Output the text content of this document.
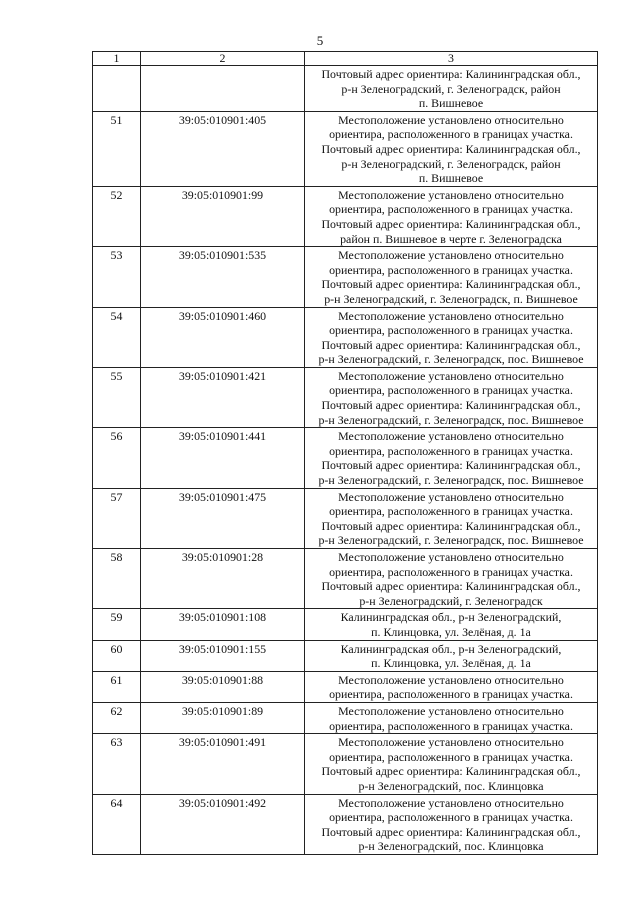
5
1	2	3

		Почтовый адрес ориентира: Калининградская обл.,
р-н Зеленоградский, г. Зеленоградск, район
п. Вишневое

51	39:05:010901:405	Местоположение установлено относительно
ориентира, расположенного в границах участка.
Почтовый адрес ориентира: Калининградская обл.,
р-н Зеленоградский, г. Зеленоградск, район
п. Вишневое

52	39:05:010901:99	Местоположение установлено относительно
ориентира, расположенного в границах участка.
Почтовый адрес ориентира: Калининградская обл.,
район п. Вишневое в черте г. Зеленоградска

53	39:05:010901:535	Местоположение установлено относительно
ориентира, расположенного в границах участка.
Почтовый адрес ориентира: Калининградская обл.,
р-н Зеленоградский, г. Зеленоградск, п. Вишневое

54	39:05:010901:460	Местоположение установлено относительно
ориентира, расположенного в границах участка.
Почтовый адрес ориентира: Калининградская обл.,
р-н Зеленоградский, г. Зеленоградск, пос. Вишневое

55	39:05:010901:421	Местоположение установлено относительно
ориентира, расположенного в границах участка.
Почтовый адрес ориентира: Калининградская обл.,
р-н Зеленоградский, г. Зеленоградск, пос. Вишневое

56	39:05:010901:441	Местоположение установлено относительно
ориентира, расположенного в границах участка.
Почтовый адрес ориентира: Калининградская обл.,
р-н Зеленоградский, г. Зеленоградск, пос. Вишневое

57	39:05:010901:475	Местоположение установлено относительно
ориентира, расположенного в границах участка.
Почтовый адрес ориентира: Калининградская обл.,
р-н Зеленоградский, г. Зеленоградск, пос. Вишневое

58	39:05:010901:28	Местоположение установлено относительно
ориентира, расположенного в границах участка.
Почтовый адрес ориентира: Калининградская обл.,
р-н Зеленоградский, г. Зеленоградск

59	39:05:010901:108	Калининградская обл., р-н Зеленоградский,
п. Клинцовка, ул. Зелёная, д. 1а

60	39:05:010901:155	Калининградская обл., р-н Зеленоградский,
п. Клинцовка, ул. Зелёная, д. 1а

61	39:05:010901:88	Местоположение установлено относительно
ориентира, расположенного в границах участка.

62	39:05:010901:89	Местоположение установлено относительно
ориентира, расположенного в границах участка.

63	39:05:010901:491	Местоположение установлено относительно
ориентира, расположенного в границах участка.
Почтовый адрес ориентира: Калининградская обл.,
р-н Зеленоградский, пос. Клинцовка

64	39:05:010901:492	Местоположение установлено относительно
ориентира, расположенного в границах участка.
Почтовый адрес ориентира: Калининградская обл.,
р-н Зеленоградский, пос. Клинцовка
